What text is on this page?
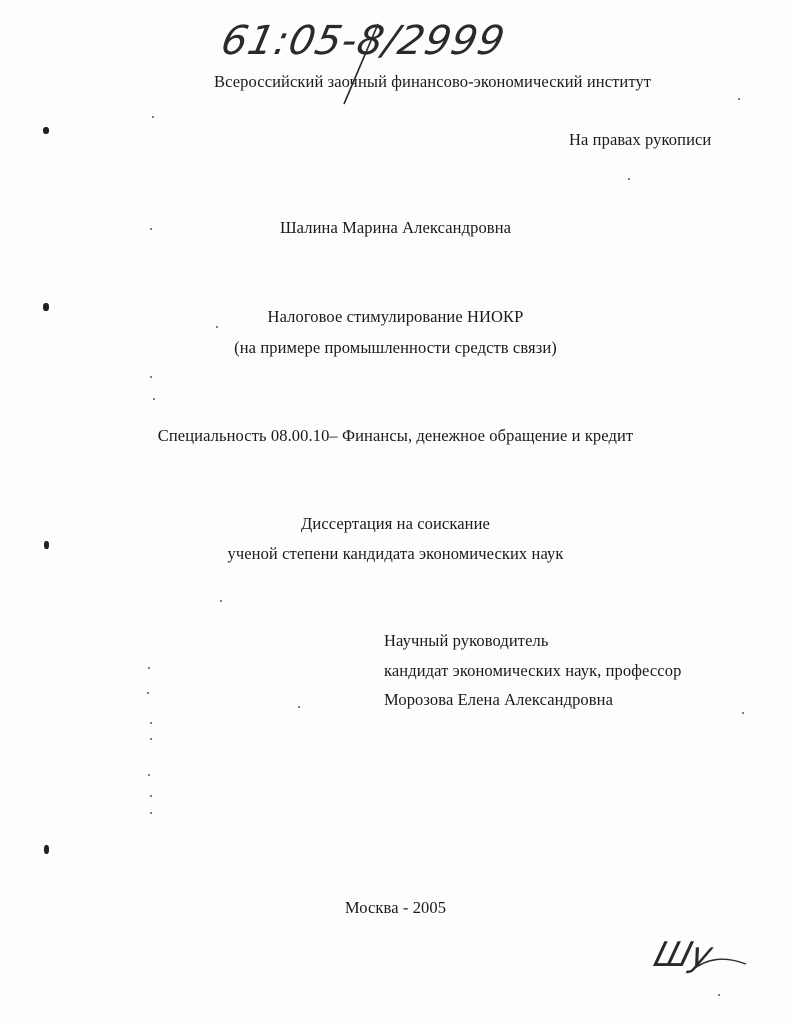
61:05-8/2999
Всероссийский заочный финансово-экономический институт
На правах рукописи
Шалина Марина Александровна
Налоговое стимулирование НИОКР
(на примере промышленности средств связи)
Специальность 08.00.10– Финансы, денежное обращение и кредит
Диссертация на соискание
ученой степени кандидата экономических наук
Научный руководитель
кандидат экономических наук, профессор
Морозова Елена Александровна
Москва - 2005
Шу
